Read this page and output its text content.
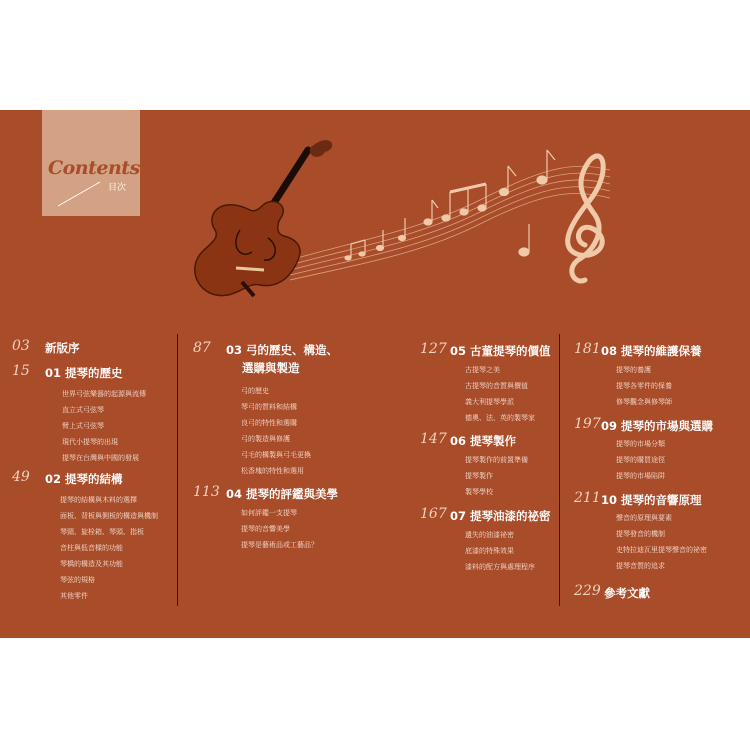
Contents
目次
03 新版序
15 01 提琴的歷史
世界弓弦樂器的起源與流傳
直立式弓弦琴
臂上式弓弦琴
現代小提琴的出現
提琴在台灣與中國的發展
49 02 提琴的結構
提琴的結構與木料的選擇
面板、背板與側板的構造與機制
琴頸、旋栓箱、琴頭、指板
音柱與低音樑的功能
琴橋的構造及其功能
琴弦的規格
其他零件
87 03 弓的歷史、構造、
選購與製造
弓的歷史
琴弓的質料和結構
良弓的特性和選購
弓的製造與修護
弓毛的構製與弓毛更換
松香塊的特性和選用
113 04 提琴的評鑑與美學
如何評鑑一支提琴
提琴的音響美學
提琴是藝術品或工藝品？
127 05 古董提琴的價值
古提琴之美
古提琴的音質與價值
義大利提琴學派
德奧、法、英的製琴家
147 06 提琴製作
提琴製作的前置準備
提琴製作
製琴學校
167 07 提琴油漆的祕密
遺失的油漆祕密
底漆的特殊效果
漆料的配方與處理程序
181 08 提琴的維護保養
提琴的養護
提琴各零件的保養
修琴觀念與修琴師
197 09 提琴的市場與選購
提琴的市場分類
提琴的購買途徑
提琴的市場陷阱
211 10 提琴的音響原理
聲音的原理與要素
提琴發音的機制
史特拉迪瓦里提琴聲音的祕密
提琴音質的追求
229 參考文獻
